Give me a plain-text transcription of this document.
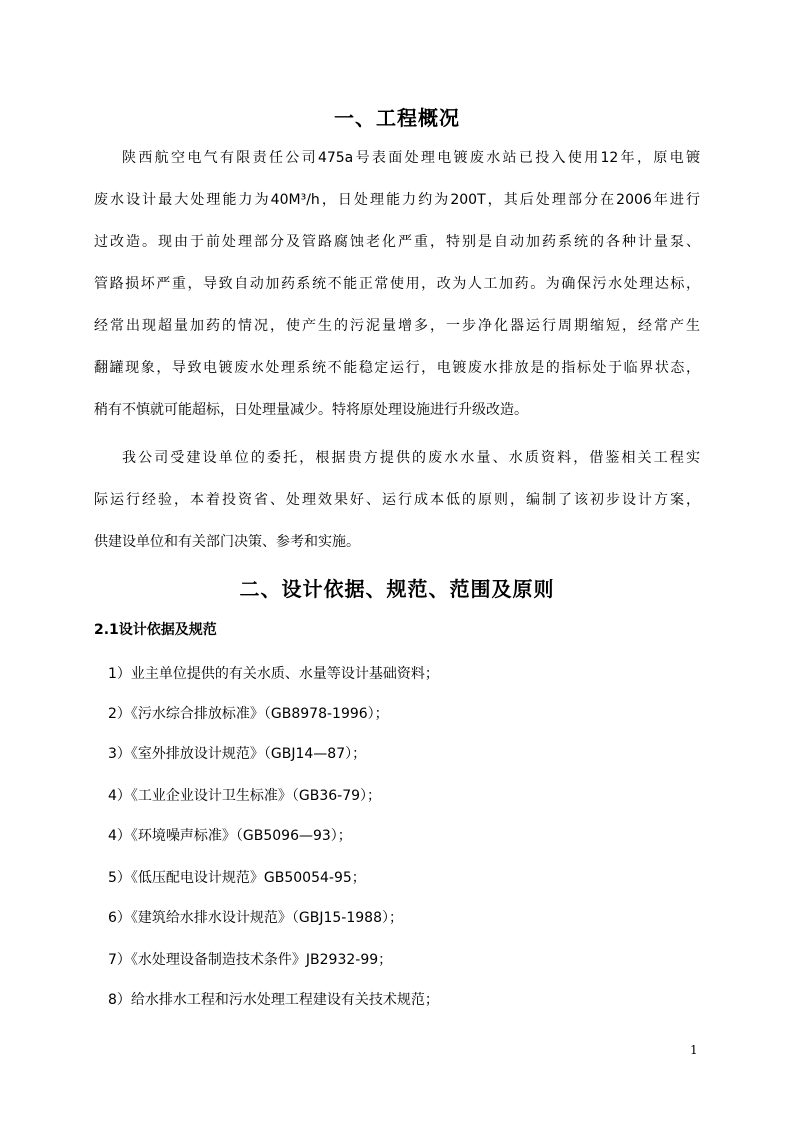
一、工程概况
陕西航空电气有限责任公司475a号表面处理电镀废水站已投入使用12年，原电镀
废水设计最大处理能力为40M³/h，日处理能力约为200T，其后处理部分在2006年进行
过改造。现由于前处理部分及管路腐蚀老化严重，特别是自动加药系统的各种计量泵、
管路损坏严重，导致自动加药系统不能正常使用，改为人工加药。为确保污水处理达标，
经常出现超量加药的情况，使产生的污泥量增多，一步净化器运行周期缩短，经常产生
翻罐现象，导致电镀废水处理系统不能稳定运行，电镀废水排放是的指标处于临界状态，
稍有不慎就可能超标，日处理量减少。特将原处理设施进行升级改造。
我公司受建设单位的委托，根据贵方提供的废水水量、水质资料，借鉴相关工程实
际运行经验，本着投资省、处理效果好、运行成本低的原则，编制了该初步设计方案，
供建设单位和有关部门决策、参考和实施。
二、设计依据、规范、范围及原则
2.1设计依据及规范
1）业主单位提供的有关水质、水量等设计基础资料；
2）《污水综合排放标准》（GB8978-1996）；
3）《室外排放设计规范》（GBJ14—87）；
4）《工业企业设计卫生标准》（GB36-79）；
4）《环境噪声标准》（GB5096—93）；
5）《低压配电设计规范》GB50054-95；
6）《建筑给水排水设计规范》（GBJ15-1988）；
7）《水处理设备制造技术条件》JB2932-99；
8）给水排水工程和污水处理工程建设有关技术规范；
1
